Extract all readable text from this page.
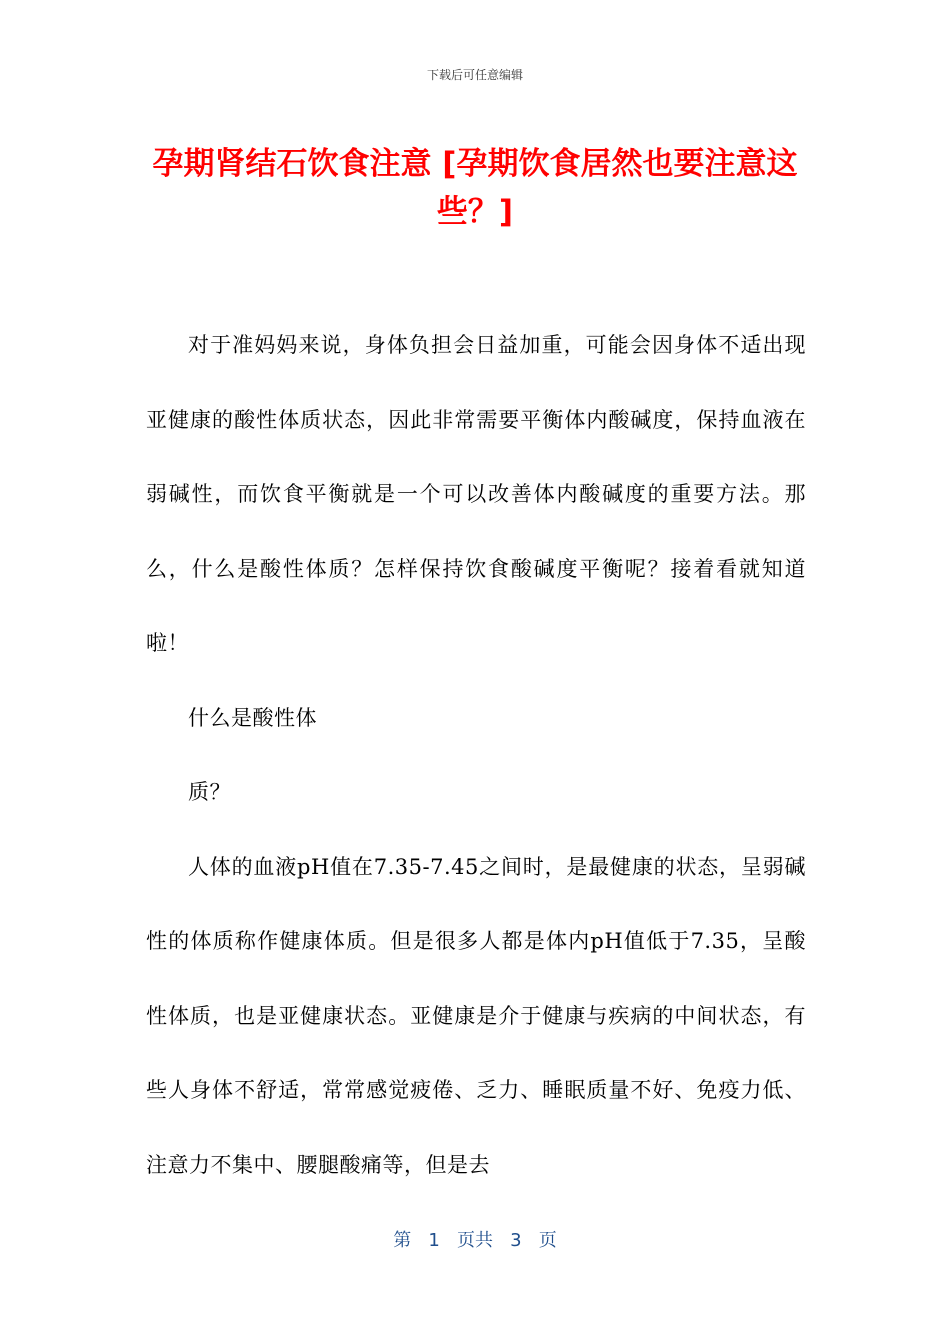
下载后可任意编辑
孕期肾结石饮食注意 [孕期饮食居然也要注意这些？]

对于准妈妈来说，身体负担会日益加重，可能会因身体不适出现亚健康的酸性体质状态，因此非常需要平衡体内酸碱度，保持血液在弱碱性，而饮食平衡就是一个可以改善体内酸碱度的重要方法。那么，什么是酸性体质？怎样保持饮食酸碱度平衡呢？接着看就知道啦！

什么是酸性体

质？

人体的血液pH值在7.35-7.45之间时，是最健康的状态，呈弱碱性的体质称作健康体质。但是很多人都是体内pH值低于7.35，呈酸性体质，也是亚健康状态。亚健康是介于健康与疾病的中间状态，有些人身体不舒适，常常感觉疲倦、乏力、睡眠质量不好、免疫力低、注意力不集中、腰腿酸痛等，但是去

第 1 页共 3 页
